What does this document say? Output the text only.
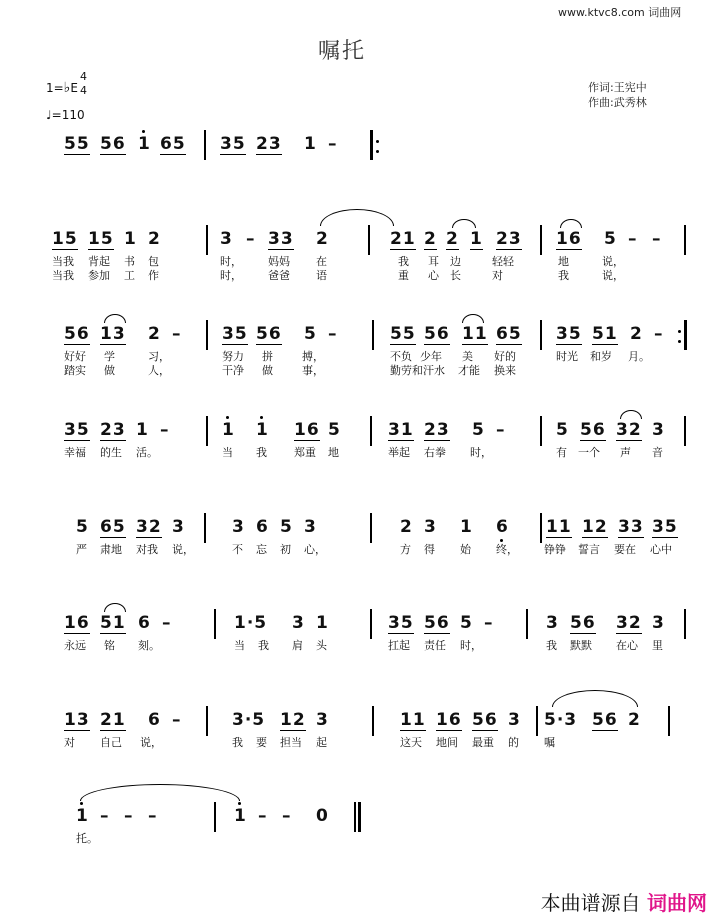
www.ktvc8.com 词曲网
嘱托
1=♭E
4
4
♩=110
作词:王宪中
作曲:武秀林
55 56 1 65 35 23 1 –
15 15 1 2	3 – 33 2	21 2 2 1 23 16 5 – –
当我 背起 书 包	时， 妈妈 在	我 耳 边	轻轻	地	说，
当我 参加 工 作	时， 爸爸 语	重 心 长	对	我	说，
56 13 2 – 35 56 5 –	55 56 11 65 35 51 2 –
好好 学	习，	努力 拼	搏，	不负 少年 美 好的	时光 和岁 月。
踏实 做	人，	干净 做	事，	勤劳和汗水 才能 换来
35 23 1 –	1 1 16 5	31 23 5 –	5 56 32 3
幸福 的生 活。	当 我 郑重 地	举起 右拳 时，	有 一个 声 音
5 65 32 3	3 6 5 3	2 3 1 6 11 12 33 35
严 肃地 对我 说，	不 忘 初 心，	方 得 始 终， 铮铮 誓言 要在 心中
16 51 6 –	1·5 3 1	35 56 5 –	3 56 32 3
永远 铭 刻。	当 我 肩 头	扛起 责任 时，	我 默默 在心 里
13 21 6 –	3·5 12 3	11 16 56 3 5·3 56 2
对 自己 说，	我 要 担当 起	这天 地间 最重 的 嘱
1 – – –	1 – – 0
托。
本曲谱源自 词曲网
